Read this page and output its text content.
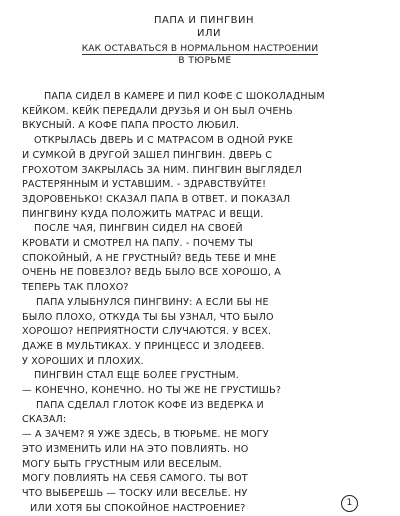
ПАПА И ПИНГВИН
ИЛИ
КАК ОСТАВАТЬСЯ В НОРМАЛЬНОМ НАСТРОЕНИИ
В ТЮРЬМЕ
ПАПА СИДЕЛ В КАМЕРЕ И ПИЛ КОФЕ С ШОКОЛАДНЫМ
КЕЙКОМ. КЕЙК ПЕРЕДАЛИ ДРУЗЬЯ И ОН БЫЛ ОЧЕНЬ
ВКУСНЫЙ. А КОФЕ ПАПА ПРОСТО ЛЮБИЛ.
ОТКРЫЛАСЬ ДВЕРЬ И С МАТРАСОМ В ОДНОЙ РУКЕ
И СУМКОЙ В ДРУГОЙ ЗАШЕЛ ПИНГВИН. ДВЕРЬ С
ГРОХОТОМ ЗАКРЫЛАСЬ ЗА НИМ. ПИНГВИН ВЫГЛЯДЕЛ
РАСТЕРЯННЫМ И УСТАВШИМ. - ЗДРАВСТВУЙТЕ!
ЗДОРОВЕНЬКО! СКАЗАЛ ПАПА В ОТВЕТ. И ПОКАЗАЛ
ПИНГВИНУ КУДА ПОЛОЖИТЬ МАТРАС И ВЕЩИ.
ПОСЛЕ ЧАЯ, ПИНГВИН СИДЕЛ НА СВОЕЙ
КРОВАТИ И СМОТРЕЛ НА ПАПУ. - ПОЧЕМУ ТЫ
СПОКОЙНЫЙ, А НЕ ГРУСТНЫЙ? ВЕДЬ ТЕБЕ И МНЕ
ОЧЕНЬ НЕ ПОВЕЗЛО? ВЕДЬ БЫЛО ВСЕ ХОРОШО, А
ТЕПЕРЬ ТАК ПЛОХО?
ПАПА УЛЫБНУЛСЯ ПИНГВИНУ: А ЕСЛИ БЫ НЕ
БЫЛО ПЛОХО, ОТКУДА ТЫ БЫ УЗНАЛ, ЧТО БЫЛО
ХОРОШО? НЕПРИЯТНОСТИ СЛУЧАЮТСЯ. У ВСЕХ.
ДАЖЕ В МУЛЬТИКАХ. У ПРИНЦЕСС И ЗЛОДЕЕВ.
У ХОРОШИХ И ПЛОХИХ.
ПИНГВИН СТАЛ ЕЩЕ БОЛЕЕ ГРУСТНЫМ.
— КОНЕЧНО, КОНЕЧНО. НО ТЫ ЖЕ НЕ ГРУСТИШЬ?
ПАПА СДЕЛАЛ ГЛОТОК КОФЕ ИЗ ВЕДЕРКА И
СКАЗАЛ:
— А ЗАЧЕМ? Я УЖЕ ЗДЕСЬ, В ТЮРЬМЕ. НЕ МОГУ
ЭТО ИЗМЕНИТЬ ИЛИ НА ЭТО ПОВЛИЯТЬ. НО
МОГУ БЫТЬ ГРУСТНЫМ ИЛИ ВЕСЕЛЫМ.
МОГУ ПОВЛИЯТЬ НА СЕБЯ САМОГО. ТЫ ВОТ
ЧТО ВЫБЕРЕШЬ — ТОСКУ ИЛИ ВЕСЕЛЬЕ. НУ
ИЛИ ХОТЯ БЫ СПОКОЙНОЕ НАСТРОЕНИЕ?	1
